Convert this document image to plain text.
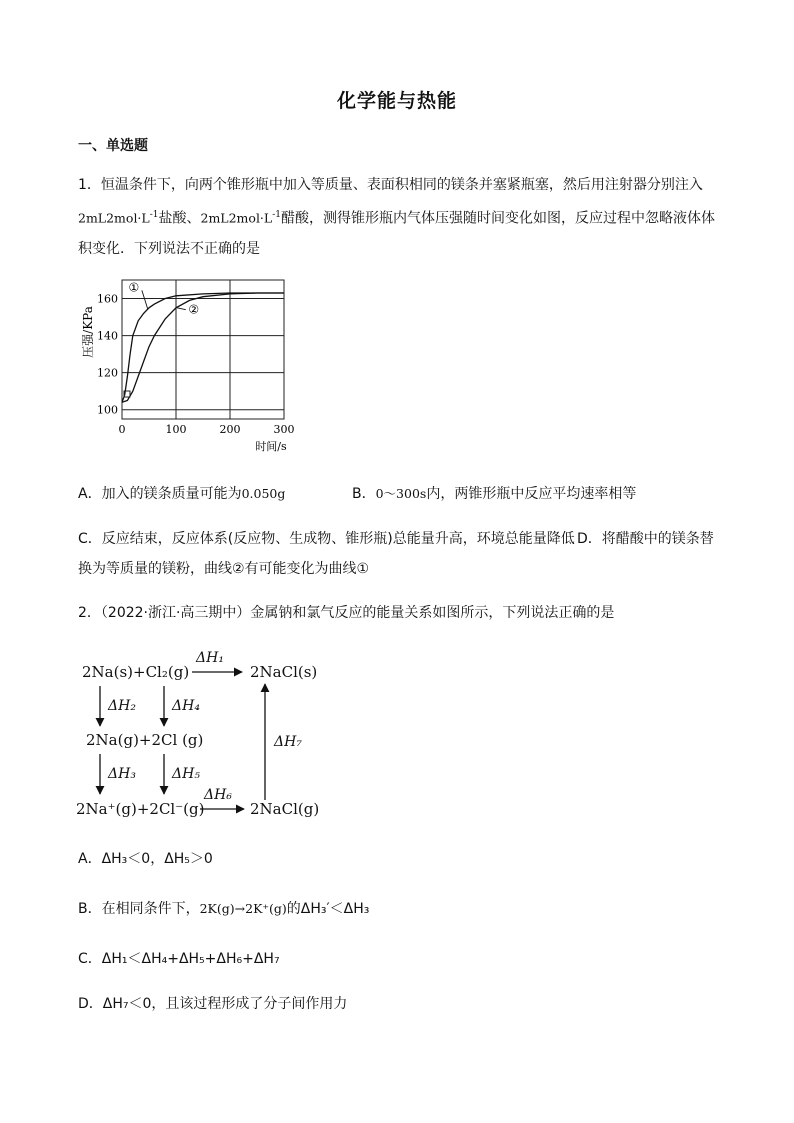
化学能与热能
一、单选题
1．恒温条件下，向两个锥形瓶中加入等质量、表面积相同的镁条并塞紧瓶塞，然后用注射器分别注入
$2mL2mol\cdot L^{-1}$盐酸、$2mL2mol\cdot L^{-1}$醋酸，测得锥形瓶内气体压强随时间变化如图，反应过程中忽略液体体
积变化．下列说法不正确的是
①
②
0	100	200	300
100
120
140
160
压强/KPa
时间/s
A．加入的镁条质量可能为0.050g	B．0～300s内，两锥形瓶中反应平均速率相等
C．反应结束，反应体系(反应物、生成物、锥形瓶)总能量升高，环境总能量降低 D．将醋酸中的镁条替
换为等质量的镁粉，曲线②有可能变化为曲线①
2．（2022·浙江·高三期中）金属钠和氯气反应的能量关系如图所示，下列说法正确的是
2Na(s)+Cl₂(g)	2NaCl(s)
2Na(g)+2Cl (g)
2Na⁺(g)+2Cl⁻(g)	2NaCl(g)
ΔH₁
ΔH₂	ΔH₄
ΔH₃	ΔH₅
ΔH₆
ΔH₇
A．ΔH₃＜0，ΔH₅＞0
B．在相同条件下，2K(g)→2K⁺(g)的ΔH₃′＜ΔH₃
C．ΔH₁＜ΔH₄+ΔH₅+ΔH₆+ΔH₇
D．ΔH₇＜0，且该过程形成了分子间作用力
